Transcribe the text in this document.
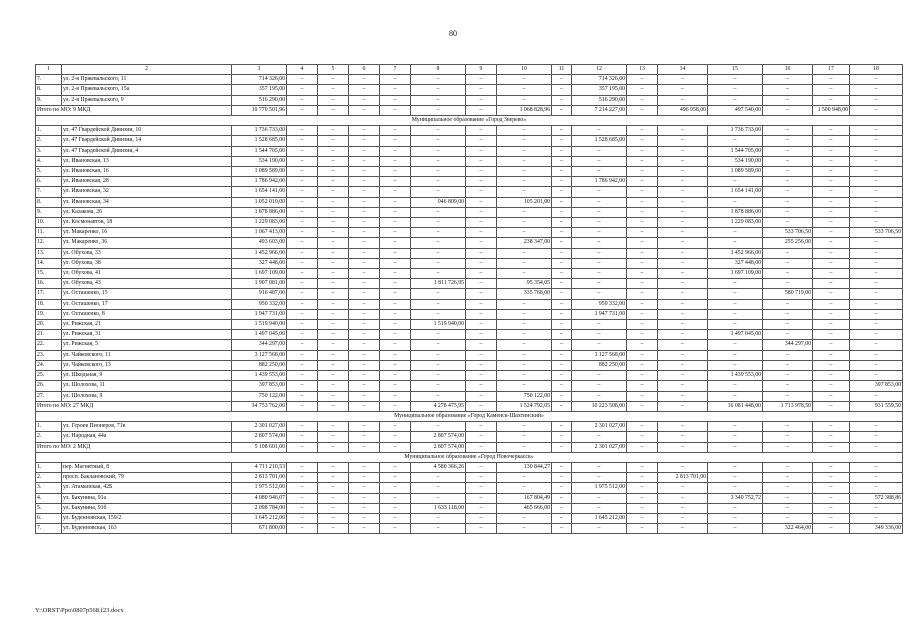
80
1	2	3	4	5	6	7	8	9	10	11	12	13	14	15	16	17	18
7.	ул. 2-я Пржевальского, 11	714 326,00	–	–	–	–	–	–	–	–	714 326,00	–	–	–	–	–	–
8.	ул. 2-я Пржевальского, 15а	357 195,00	–	–	–	–	–	–	–	–	357 195,00	–	–	–	–	–	–
9.	ул. 2-я Пржевальского, 9	516 290,00	–	–	–	–	–	–	–	–	516 290,00	–	–	–	–	–	–
Итого по МО: 9 МКД		10 770 501,96	–	–	–	–	–	–	1 068 828,96	–	7 214 227,00	–	496 958,00	497 540,00	–	1 500 948,00	–
Муниципальное образование «Город Зверево»																	
1.	ул. 47 Гвардейской Дивизии, 10	1 736 733,00	–	–	–	–	–	–	–	–	–	–	–	1 736 733,00	–	–	–
2.	ул. 47 Гвардейской Дивизии, 14	1 528 685,00	–	–	–	–	–	–	–	–	1 528 685,00	–	–	–	–	–	–
3.	ул. 47 Гвардейской Дивизии, 4	1 544 705,00	–	–	–	–	–	–	–	–	–	–	–	1 544 705,00	–	–	–
4.	ул. Ивановская, 13	534 190,00	–	–	–	–	–	–	–	–	–	–	–	534 190,00	–	–	–
5.	ул. Ивановская, 16	1 089 589,00	–	–	–	–	–	–	–	–	–	–	–	1 089 589,00	–	–	–
6.	ул. Ивановская, 28	1 786 942,00	–	–	–	–	–	–	–	–	1 786 942,00	–	–	–	–	–	–
7.	ул. Ивановская, 32	1 654 141,00	–	–	–	–	–	–	–	–	–	–	–	1 654 141,00	–	–	–
8.	ул. Ивановская, 34	1 052 010,00	–	–	–	–	946 809,00	–	105 201,00	–	–	–	–	–	–	–	–
9.	ул. Казакова, 26	1 878 886,00	–	–	–	–	–	–	–	–	–	–	–	1 878 886,00	–	–	–
10.	ул. Космонавтов, 18	1 229 083,00	–	–	–	–	–	–	–	–	–	–	–	1 229 083,00	–	–	–
11.	ул. Макаренко, 16	1 067 413,00	–	–	–	–	–	–	–	–	–	–	–	–	533 706,50	–	533 706,50
12.	ул. Макаренко, 36	493 603,00	–	–	–	–	–	–	238 347,00	–	–	–	–	–	255 256,00	–	–
13.	ул. Обухова, 33	1 452 966,00	–	–	–	–	–	–	–	–	–	–	–	1 452 966,00	–	–	–
14.	ул. Обухова, 38	327 448,00	–	–	–	–	–	–	–	–	–	–	–	327 448,00	–	–	–
15.	ул. Обухова, 41	1 697 109,00	–	–	–	–	–	–	–	–	–	–	–	1 697 109,00	–	–	–
16.	ул. Обухова, 43	1 907 081,00	–	–	–	–	1 811 726,95	–	95 354,05	–	–	–	–	–	–	–	–
17.	ул. Осташенко, 15	916 487,00	–	–	–	–	–	–	335 768,00	–	–	–	–	–	580 719,00	–	–
18.	ул. Осташенко, 17	950 332,00	–	–	–	–	–	–	–	–	950 332,00	–	–	–	–	–	–
19.	ул. Осташенко, 8	1 947 731,00	–	–	–	–	–	–	–	–	1 947 731,00	–	–	–	–	–	–
20.	ул. Рижская, 21	1 519 940,00	–	–	–	–	1 519 940,00	–	–	–	–	–	–	–	–	–	–
21.	ул. Рижская, 31	1 497 045,00	–	–	–	–	–	–	–	–	–	–	–	1 497 045,00	–	–	–
22.	ул. Рижская, 5	344 297,00	–	–	–	–	–	–	–	–	–	–	–	–	344 297,00	–	–
23.	ул. Чайковского, 11	3 127 568,00	–	–	–	–	–	–	–	–	3 127 568,00	–	–	–	–	–	–
24.	ул. Чайковского, 13	882 250,00	–	–	–	–	–	–	–	–	882 250,00	–	–	–	–	–	–
25.	ул. Шкодьная, 9	1 439 553,00	–	–	–	–	–	–	–	–	–	–	–	1 439 553,00	–	–	–
26.	ул. Шолохова, 11	397 853,00	–	–	–	–	–	–	–	–	–	–	–	–	–	–	397 853,00
27.	ул. Шолохова, 9	750 122,00	–	–	–	–	–	–	750 122,00	–	–	–	–	–	–	–	–
Итого по МО: 27 МКД		34 753 762,00	–	–	–	–	4 278 475,95	–	1 524 792,05	–	10 223 508,00	–	–	16 081 448,00	1 713 978,50	–	931 559,50
Муниципальное образование «Город Каменск-Шахтинский»																	
1.	ул. Героев Пионеров, 71в	2 301 027,00	–	–	–	–	–	–	–	–	2 301 027,00	–	–	–	–	–	–
2.	ул. Народная, 44а	2 807 574,00	–	–	–	–	2 807 574,00	–	–	–	–	–	–	–	–	–	–
Итого по МО: 2 МКД		5 108 601,00	–	–	–	–	2 807 574,00	–	–	–	2 301 027,00	–	–	–	–	–	–
Муниципальное образование «Город Новочеркасск»																	
1.	пер. Магнитный, 8	4 711 210,53	–	–	–	–	4 580 366,26	–	130 844,27	–	–	–	–	–	–	–	–
2.	просп. Баклановский, 79	2 813 701,00	–	–	–	–	–	–	–	–	–	–	2 813 701,00	–	–	–	–
3.	ул. Атаманская, 42Б	1 975 512,00	–	–	–	–	–	–	–	–	1 975 512,00	–	–	–	–	–	–
4.	ул. Бакунина, 91а	4 080 946,07	–	–	–	–	–	–	167 804,49	–	–	–	–	3 340 752,72	–	–	572 388,86
5.	ул. Бакунина, 91б	2 098 784,00	–	–	–	–	1 633 118,00	–	465 666,00	–	–	–	–	–	–	–	–
6.	ул. Буденновская, 159/2	1 645 212,00	–	–	–	–	–	–	–	–	1 645 212,00	–	–	–	–	–	–
7.	ул. Буденновская, 163	671 800,00	–	–	–	–	–	–	–	–	–	–	–	–	322 464,00	–	349 336,00
Y:\ORST\Ppo\0807p568.f23.docx
